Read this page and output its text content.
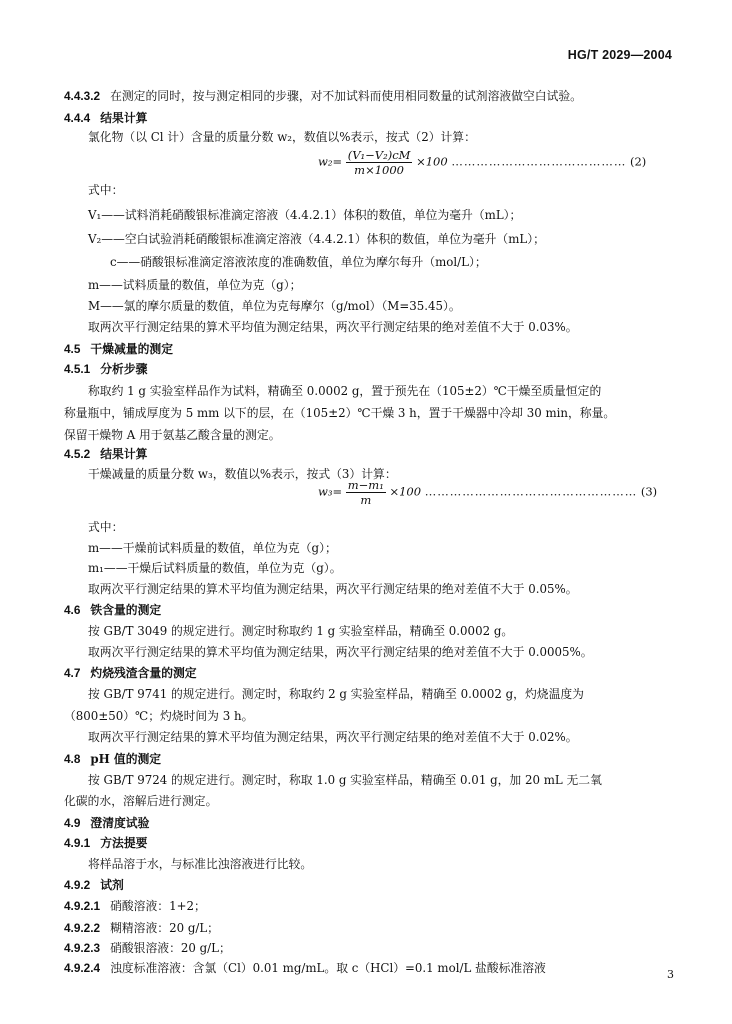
HG/T 2029—2004
4.4.3.2 在测定的同时，按与测定相同的步骤，对不加试料而使用相同数量的试剂溶液做空白试验。
4.4.4 结果计算
氯化物（以 Cl 计）含量的质量分数 w₂，数值以%表示，按式（2）计算：
式中：
V₁——试料消耗硝酸银标准滴定溶液（4.4.2.1）体积的数值，单位为毫升（mL）；
V₂——空白试验消耗硝酸银标准滴定溶液（4.4.2.1）体积的数值，单位为毫升（mL）；
c——硝酸银标准滴定溶液浓度的准确数值，单位为摩尔每升（mol/L）；
m——试料质量的数值，单位为克（g）；
M——氯的摩尔质量的数值，单位为克每摩尔（g/mol）（M=35.45）。
取两次平行测定结果的算术平均值为测定结果，两次平行测定结果的绝对差值不大于 0.03%。
4.5 干燥减量的测定
4.5.1 分析步骤
称取约 1 g 实验室样品作为试料，精确至 0.0002 g，置于预先在（105±2）℃干燥至质量恒定的
称量瓶中，铺成厚度为 5 mm 以下的层，在（105±2）℃干燥 3 h，置于干燥器中冷却 30 min，称量。
保留干燥物 A 用于氨基乙酸含量的测定。
4.5.2 结果计算
干燥减量的质量分数 w₃，数值以%表示，按式（3）计算：
式中：
m——干燥前试料质量的数值，单位为克（g）；
m₁——干燥后试料质量的数值，单位为克（g）。
取两次平行测定结果的算术平均值为测定结果，两次平行测定结果的绝对差值不大于 0.05%。
4.6 铁含量的测定
按 GB/T 3049 的规定进行。测定时称取约 1 g 实验室样品，精确至 0.0002 g。
取两次平行测定结果的算术平均值为测定结果，两次平行测定结果的绝对差值不大于 0.0005%。
4.7 灼烧残渣含量的测定
按 GB/T 9741 的规定进行。测定时，称取约 2 g 实验室样品，精确至 0.0002 g，灼烧温度为
（800±50）℃；灼烧时间为 3 h。
取两次平行测定结果的算术平均值为测定结果，两次平行测定结果的绝对差值不大于 0.02%。
4.8 pH 值的测定
按 GB/T 9724 的规定进行。测定时，称取 1.0 g 实验室样品，精确至 0.01 g，加 20 mL 无二氧
化碳的水，溶解后进行测定。
4.9 澄清度试验
4.9.1 方法提要
将样品溶于水，与标准比浊溶液进行比较。
4.9.2 试剂
4.9.2.1 硝酸溶液：1+2；
4.9.2.2 糊精溶液：20 g/L；
4.9.2.3 硝酸银溶液：20 g/L；
4.9.2.4 浊度标准溶液：含氯（Cl）0.01 mg/mL。取 c（HCl）=0.1 mol/L 盐酸标准溶液
$w_2= \frac{\text{(V₁−V₂)cM}}{m\times 1000} \times 100$ …………………………………… (2)
$w_3= \frac{\text{m−m₁}}{m} \times 100$ …………………………………………… (3)
3
